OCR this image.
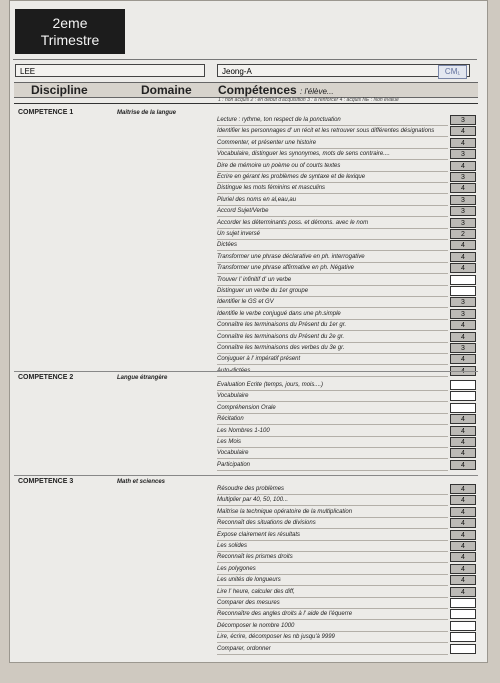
2eme
Trimestre
LEE	Jeong-A	CM₁
Discipline	Domaine Compétences : l'élève...
1 : non acquis 2 : en début d'acquisition 3 : à renforcer 4 : acquis NE : Non évalué
COMPETENCE 1	Maîtrise de la langue
Lecture : rythme, ton respect de la ponctuation	3
Identifier les personnages d' un récit et les retrouver sous différentes désignations	4
Commenter, et présenter une histoire	4
Vocabulaire, distinguer les synonymes, mots de sens contraire....	3
Dire de mémoire un poème ou of courts textes	4
Ecrire en gérant les problèmes de syntaxe et de lexique	3
Distingue les mots féminins et masculins	4
Pluriel des noms en al,eau,au	3
Accord Sujet/Verbe	3
Accorder les déterminants poss. et démons. avec le nom	3
Un sujet inversé	2
Dictées	4
Transformer une phrase déclarative en ph. interrogative	4
Transformer une phrase affirmative en ph. Négative	4
Trouver l' infinitif d' un verbe
Distinguer un verbe du 1er groupe
Identifier le GS et GV	3
Identifie le verbe conjugué dans une ph.simple	3
Connaître les terminaisons du Présent du 1er gr.	4
Connaître les terminaisons du Présent du 2e gr.	4
Connaître les terminaisons des verbes du 3e gr.	3
Conjuguer à l' impératif présent	4
Auto-dictées	4
COMPETENCE 2	Langue étrangère
Evaluation Ecrite (temps, jours, mois....)
Vocabulaire
Compréhension Orale
Récitation	4
Les Nombres 1-100	4
Les Mois	4
Vocabulaire	4
Participation	4
COMPETENCE 3	Math et sciences
Résoudre des problèmes	4
Multiplier par 40, 50, 100...	4
Maîtrise la technique opératoire de la multiplication	4
Reconnaît des situations de divisions	4
Expose clairement les résultats	4
Les solides	4
Reconnaît les prismes droits	4
Les polygones	4
Les unités de longueurs	4
Lire l' heure, calculer des diff,	4
Comparer des mesures
Reconnaître des angles droits à l' aide de l'équerre
Décomposer le nombre 1000
Lire, écrire, décomposer les nb jusqu'à 9999
Comparer, ordonner
